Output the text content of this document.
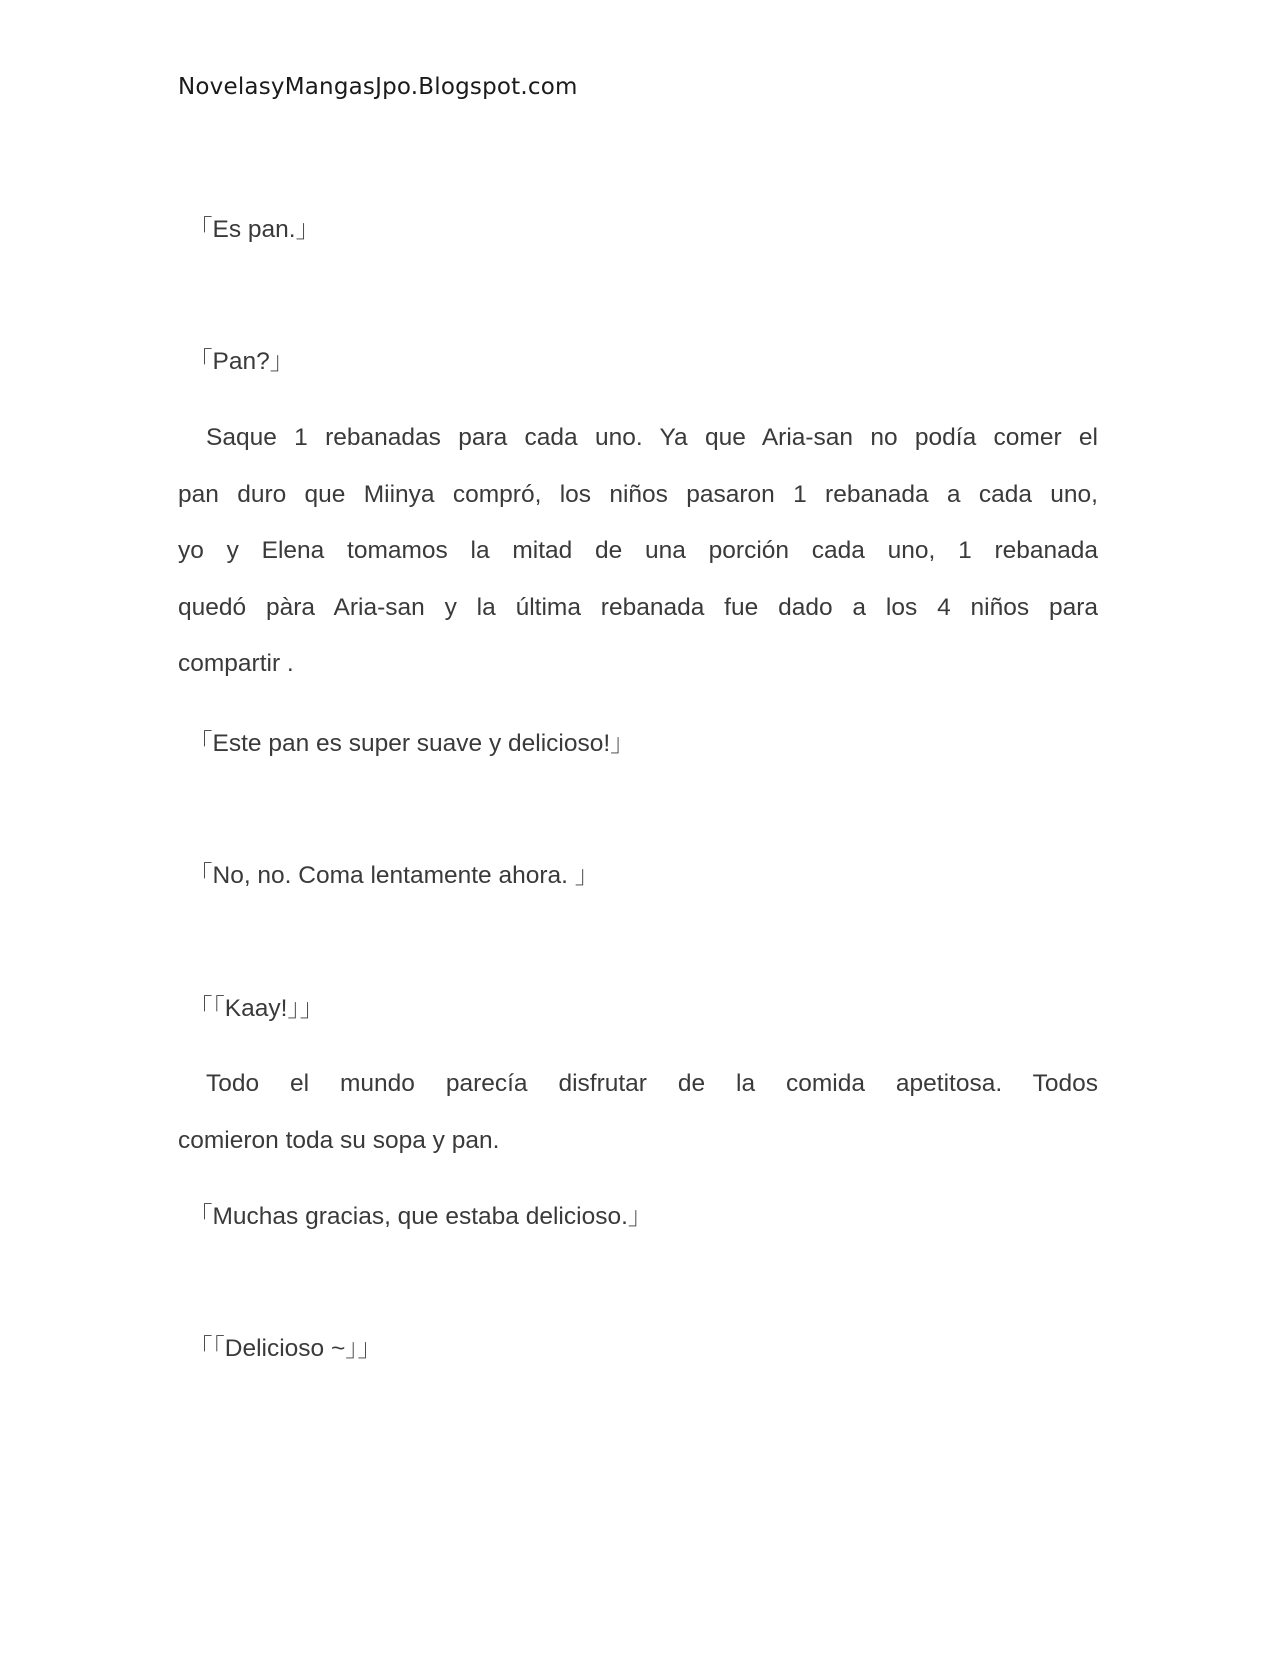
NovelasyMangasJpo.Blogspot.com
「Es pan.」
「Pan?」
Saque 1 rebanadas para cada uno. Ya que Aria-san no podía comer el
pan duro que Miinya compró, los niños pasaron 1 rebanada a cada uno,
yo y Elena tomamos la mitad de una porción cada uno, 1 rebanada
quedó pàra Aria-san y la última rebanada fue dado a los 4 niños para
compartir .
「Este pan es super suave y delicioso!」
「No, no. Coma lentamente ahora. 」
「「Kaay!」」
Todo el mundo parecía disfrutar de la comida apetitosa. Todos
comieron toda su sopa y pan.
「Muchas gracias, que estaba delicioso.」
「「Delicioso ~」」
